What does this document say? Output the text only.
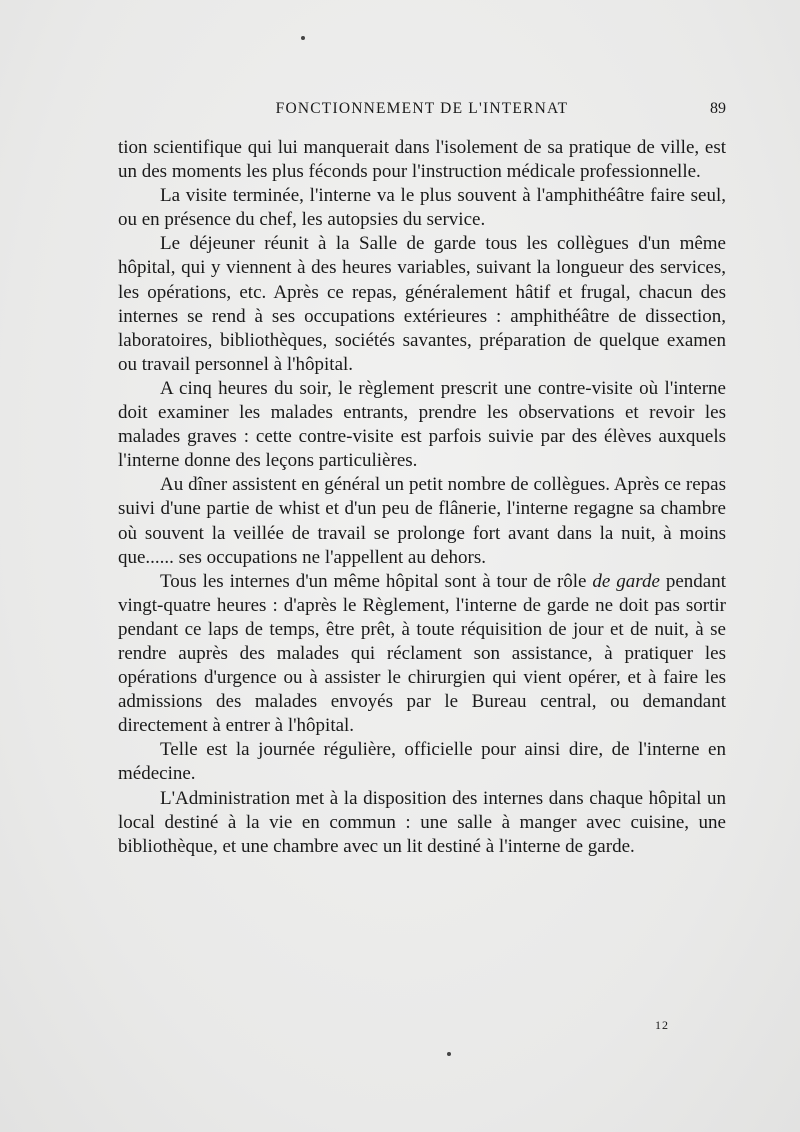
FONCTIONNEMENT DE L'INTERNAT	89

tion scientifique qui lui manquerait dans l'isolement de sa pratique de ville, est un des moments les plus féconds pour l'instruction médicale professionnelle.

La visite terminée, l'interne va le plus souvent à l'amphithéâtre faire seul, ou en présence du chef, les autopsies du service.

Le déjeuner réunit à la Salle de garde tous les collègues d'un même hôpital, qui y viennent à des heures variables, suivant la longueur des services, les opérations, etc. Après ce repas, généralement hâtif et frugal, chacun des internes se rend à ses occupations extérieures : amphithéâtre de dissection, laboratoires, bibliothèques, sociétés savantes, préparation de quelque examen ou travail personnel à l'hôpital.

A cinq heures du soir, le règlement prescrit une contre-visite où l'interne doit examiner les malades entrants, prendre les observations et revoir les malades graves : cette contre-visite est parfois suivie par des élèves auxquels l'interne donne des leçons particulières.

Au dîner assistent en général un petit nombre de collègues. Après ce repas suivi d'une partie de whist et d'un peu de flânerie, l'interne regagne sa chambre où souvent la veillée de travail se prolonge fort avant dans la nuit, à moins que...... ses occupations ne l'appellent au dehors.

Tous les internes d'un même hôpital sont à tour de rôle de garde pendant vingt-quatre heures : d'après le Règlement, l'interne de garde ne doit pas sortir pendant ce laps de temps, être prêt, à toute réquisition de jour et de nuit, à se rendre auprès des malades qui réclament son assistance, à pratiquer les opérations d'urgence ou à assister le chirurgien qui vient opérer, et à faire les admissions des malades envoyés par le Bureau central, ou demandant directement à entrer à l'hôpital.

Telle est la journée régulière, officielle pour ainsi dire, de l'interne en médecine.

L'Administration met à la disposition des internes dans chaque hôpital un local destiné à la vie en commun : une salle à manger avec cuisine, une bibliothèque, et une chambre avec un lit destiné à l'interne de garde.

12
